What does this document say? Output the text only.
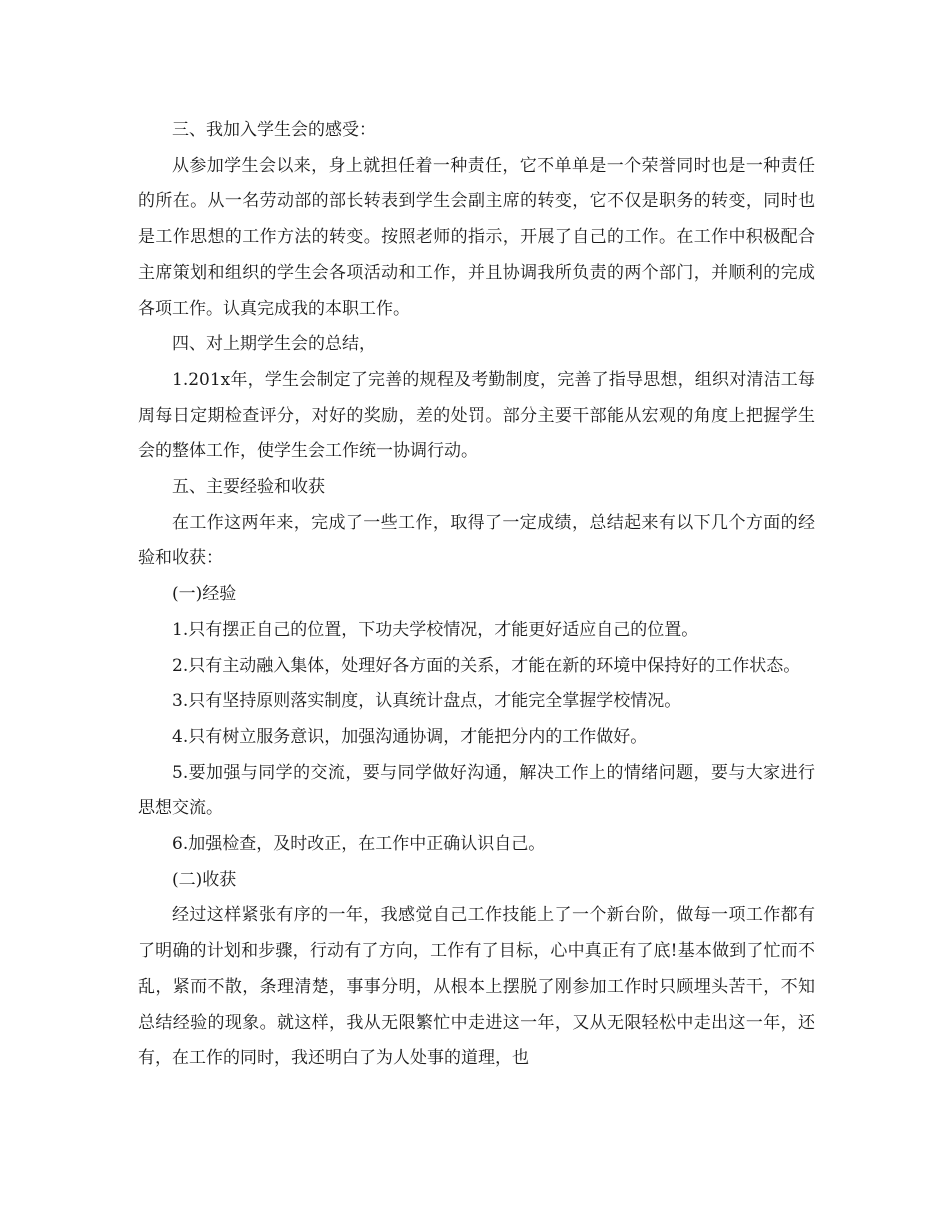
三、我加入学生会的感受：

从参加学生会以来，身上就担任着一种责任，它不单单是一个荣誉同时也是一种责任的所在。从一名劳动部的部长转表到学生会副主席的转变，它不仅是职务的转变，同时也是工作思想的工作方法的转变。按照老师的指示，开展了自己的工作。在工作中积极配合主席策划和组织的学生会各项活动和工作，并且协调我所负责的两个部门，并顺利的完成各项工作。认真完成我的本职工作。

四、对上期学生会的总结，

1.201x年，学生会制定了完善的规程及考勤制度，完善了指导思想，组织对清洁工每周每日定期检查评分，对好的奖励，差的处罚。部分主要干部能从宏观的角度上把握学生会的整体工作，使学生会工作统一协调行动。

五、主要经验和收获

在工作这两年来，完成了一些工作，取得了一定成绩，总结起来有以下几个方面的经验和收获：

(一)经验

1.只有摆正自己的位置，下功夫学校情况，才能更好适应自己的位置。

2.只有主动融入集体，处理好各方面的关系，才能在新的环境中保持好的工作状态。

3.只有坚持原则落实制度，认真统计盘点，才能完全掌握学校情况。

4.只有树立服务意识，加强沟通协调，才能把分内的工作做好。

5.要加强与同学的交流，要与同学做好沟通，解决工作上的情绪问题，要与大家进行思想交流。

6.加强检查，及时改正，在工作中正确认识自己。

(二)收获

经过这样紧张有序的一年，我感觉自己工作技能上了一个新台阶，做每一项工作都有了明确的计划和步骤，行动有了方向，工作有了目标，心中真正有了底!基本做到了忙而不乱，紧而不散，条理清楚，事事分明，从根本上摆脱了刚参加工作时只顾埋头苦干，不知总结经验的现象。就这样，我从无限繁忙中走进这一年，又从无限轻松中走出这一年，还有，在工作的同时，我还明白了为人处事的道理，也
